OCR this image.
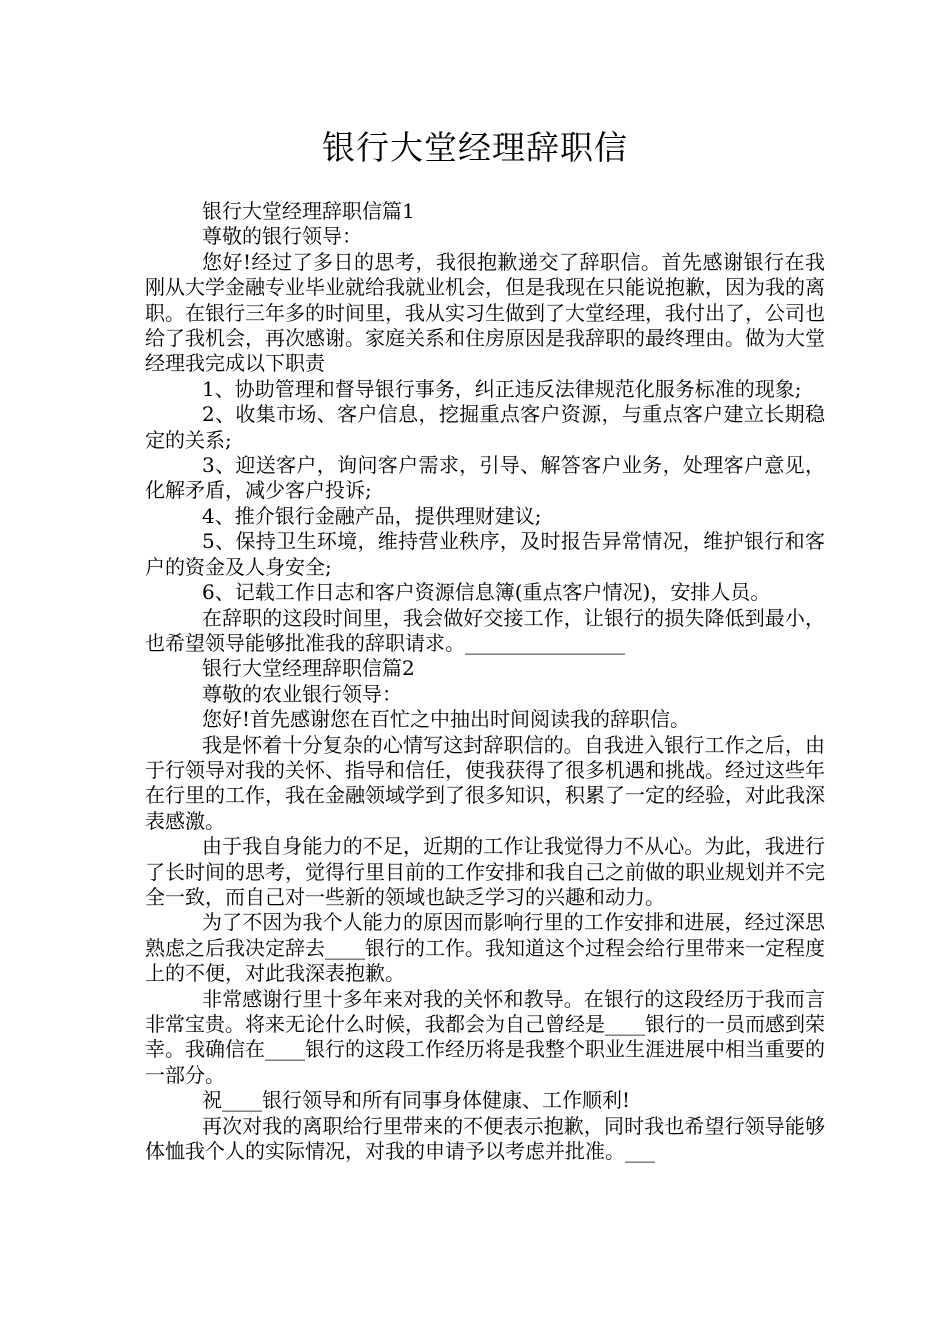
银行大堂经理辞职信

银行大堂经理辞职信篇1

尊敬的银行领导：

您好!经过了多日的思考，我很抱歉递交了辞职信。首先感谢银行在我刚从大学金融专业毕业就给我就业机会，但是我现在只能说抱歉，因为我的离职。在银行三年多的时间里，我从实习生做到了大堂经理，我付出了，公司也给了我机会，再次感谢。家庭关系和住房原因是我辞职的最终理由。做为大堂经理我完成以下职责

1、协助管理和督导银行事务，纠正违反法律规范化服务标准的现象;

2、收集市场、客户信息，挖掘重点客户资源，与重点客户建立长期稳定的关系;

3、迎送客户，询问客户需求，引导、解答客户业务，处理客户意见，化解矛盾，减少客户投诉;

4、推介银行金融产品，提供理财建议;

5、保持卫生环境，维持营业秩序，及时报告异常情况，维护银行和客户的资金及人身安全;

6、记载工作日志和客户资源信息簿(重点客户情况)，安排人员。

在辞职的这段时间里，我会做好交接工作，让银行的损失降低到最小，也希望领导能够批准我的辞职请求。________________

银行大堂经理辞职信篇2

尊敬的农业银行领导：

您好!首先感谢您在百忙之中抽出时间阅读我的辞职信。

我是怀着十分复杂的心情写这封辞职信的。自我进入银行工作之后，由于行领导对我的关怀、指导和信任，使我获得了很多机遇和挑战。经过这些年在行里的工作，我在金融领域学到了很多知识，积累了一定的经验，对此我深表感激。

由于我自身能力的不足，近期的工作让我觉得力不从心。为此，我进行了长时间的思考，觉得行里目前的工作安排和我自己之前做的职业规划并不完全一致，而自己对一些新的领域也缺乏学习的兴趣和动力。

为了不因为我个人能力的原因而影响行里的工作安排和进展，经过深思熟虑之后我决定辞去____银行的工作。我知道这个过程会给行里带来一定程度上的不便，对此我深表抱歉。

非常感谢行里十多年来对我的关怀和教导。在银行的这段经历于我而言非常宝贵。将来无论什么时候，我都会为自己曾经是____银行的一员而感到荣幸。我确信在____银行的这段工作经历将是我整个职业生涯进展中相当重要的一部分。

祝____银行领导和所有同事身体健康、工作顺利!

再次对我的离职给行里带来的不便表示抱歉，同时我也希望行领导能够体恤我个人的实际情况，对我的申请予以考虑并批准。___
